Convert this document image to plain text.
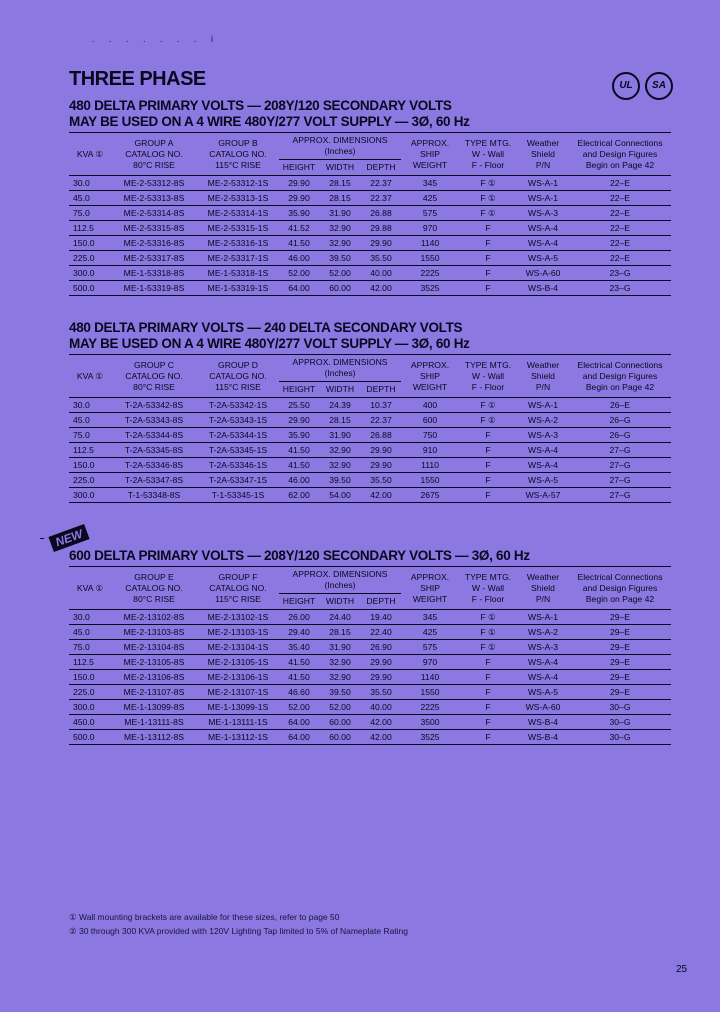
. . . . . . . i
THREE PHASE	UL	SA
480 DELTA PRIMARY VOLTS — 208Y/120 SECONDARY VOLTS
MAY BE USED ON A 4 WIRE 480Y/277 VOLT SUPPLY — 3Ø, 60 Hz
KVA ①	GROUP A
CATALOG NO.
80°C RISE	GROUP B
CATALOG NO.
115°C RISE	APPROX. DIMENSIONS
(Inches)			APPROX.
SHIP
WEIGHT	TYPE MTG.
W - Wall
F - Floor	Weather
Shield
P/N	Electrical Connections
and Design Figures
Begin on Page 42
			HEIGHT	WIDTH	DEPTH				
30.0	ME-2-53312-8S	ME-2-53312-1S	29.90	28.15	22.37	345	F ①	WS-A-1	22–E
45.0	ME-2-53313-8S	ME-2-53313-1S	29.90	28.15	22.37	425	F ①	WS-A-1	22–E
75.0	ME-2-53314-8S	ME-2-53314-1S	35.90	31.90	26.88	575	F ①	WS-A-3	22–E
112.5	ME-2-53315-8S	ME-2-53315-1S	41.52	32.90	29.88	970	F	WS-A-4	22–E
150.0	ME-2-53316-8S	ME-2-53316-1S	41.50	32.90	29.90	1140	F	WS-A-4	22–E
225.0	ME-2-53317-8S	ME-2-53317-1S	46.00	39.50	35.50	1550	F	WS-A-5	22–E
300.0	ME-1-53318-8S	ME-1-53318-1S	52.00	52.00	40.00	2225	F	WS-A-60	23–G
500.0	ME-1-53319-8S	ME-1-53319-1S	64.00	60.00	42.00	3525	F	WS-B-4	23–G
480 DELTA PRIMARY VOLTS — 240 DELTA SECONDARY VOLTS
MAY BE USED ON A 4 WIRE 480Y/277 VOLT SUPPLY — 3Ø, 60 Hz
KVA ①	GROUP C
CATALOG NO.
80°C RISE	GROUP D
CATALOG NO.
115°C RISE	APPROX. DIMENSIONS
(Inches)			APPROX.
SHIP
WEIGHT	TYPE MTG.
W - Wall
F - Floor	Weather
Shield
P/N	Electrical Connections
and Design Figures
Begin on Page 42
			HEIGHT	WIDTH	DEPTH				
30.0	T-2A-53342-8S	T-2A-53342-1S	25.50	24.39	10.37	400	F ①	WS-A-1	26–E
45.0	T-2A-53343-8S	T-2A-53343-1S	29.90	28.15	22.37	600	F ①	WS-A-2	26–G
75.0	T-2A-53344-8S	T-2A-53344-1S	35.90	31.90	26.88	750	F	WS-A-3	26–G
112.5	T-2A-53345-8S	T-2A-53345-1S	41.50	32.90	29.90	910	F	WS-A-4	27–G
150.0	T-2A-53346-8S	T-2A-53346-1S	41.50	32.90	29.90	1110	F	WS-A-4	27–G
225.0	T-2A-53347-8S	T-2A-53347-1S	46.00	39.50	35.50	1550	F	WS-A-5	27–G
300.0	T-1-53348-8S	T-1-53345-1S	62.00	54.00	42.00	2675	F	WS-A-57	27–G
NEW
600 DELTA PRIMARY VOLTS — 208Y/120 SECONDARY VOLTS — 3Ø, 60 Hz
KVA ①	GROUP E
CATALOG NO.
80°C RISE	GROUP F
CATALOG NO.
115°C RISE	APPROX. DIMENSIONS
(Inches)			APPROX.
SHIP
WEIGHT	TYPE MTG.
W - Wall
F - Floor	Weather
Shield
P/N	Electrical Connections
and Design Figures
Begin on Page 42
			HEIGHT	WIDTH	DEPTH				
30.0	ME-2-13102-8S	ME-2-13102-1S	26.00	24.40	19.40	345	F ①	WS-A-1	29–E
45.0	ME-2-13103-8S	ME-2-13103-1S	29.40	28.15	22.40	425	F ①	WS-A-2	29–E
75.0	ME-2-13104-8S	ME-2-13104-1S	35.40	31.90	26.90	575	F ①	WS-A-3	29–E
112.5	ME-2-13105-8S	ME-2-13105-1S	41.50	32.90	29.90	970	F	WS-A-4	29–E
150.0	ME-2-13106-8S	ME-2-13106-1S	41.50	32.90	29.90	1140	F	WS-A-4	29–E
225.0	ME-2-13107-8S	ME-2-13107-1S	46.60	39.50	35.50	1550	F	WS-A-5	29–E
300.0	ME-1-13099-8S	ME-1-13099-1S	52.00	52.00	40.00	2225	F	WS-A-60	30–G
450.0	ME-1-13111-8S	ME-1-13111-1S	64.00	60.00	42.00	3500	F	WS-B-4	30–G
500.0	ME-1-13112-8S	ME-1-13112-1S	64.00	60.00	42.00	3525	F	WS-B-4	30–G
① Wall mounting brackets are available for these sizes, refer to page 50
② 30 through 300 KVA provided with 120V Lighting Tap limited to 5% of Nameplate Rating
25
